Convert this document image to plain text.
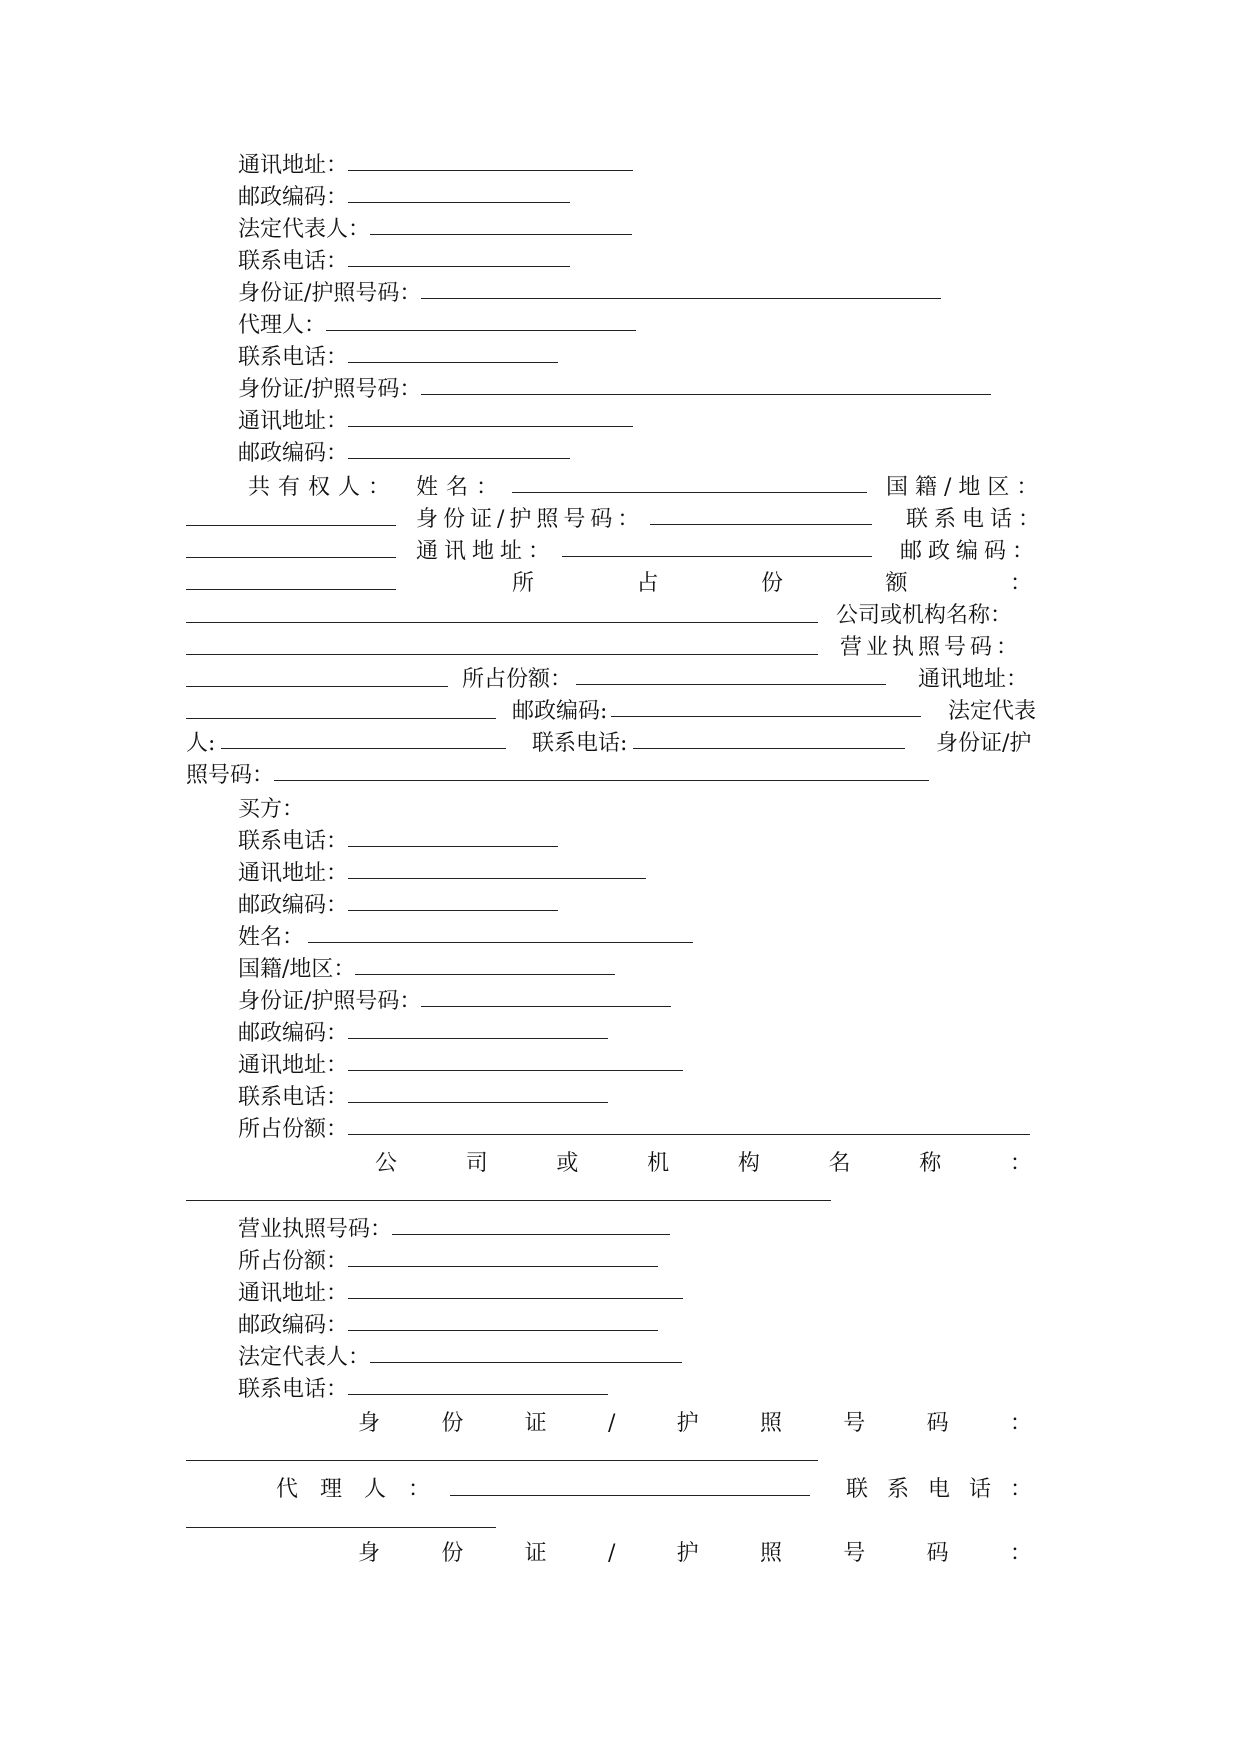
通讯地址：
邮政编码：
法定代表人：
联系电话：
身份证/护照号码：
代理人：
联系电话：
身份证/护照号码：
通讯地址：
邮政编码：
共有权人： 姓名：	国籍/地区：
身份证/护照号码：	联系电话：
通讯地址：	邮政编码：
所	占	份	额	：
公司或机构名称：
营业执照号码：
所占份额：	通讯地址：
邮政编码:	法定代表
人:	联系电话:	身份证/护
照号码：
买方：
联系电话：
通讯地址：
邮政编码：
姓名：
国籍/地区：
身份证/护照号码：
邮政编码：
通讯地址：
联系电话：
所占份额：
公	司	或	机	构	名	称	：
营业执照号码：
所占份额：
通讯地址：
邮政编码：
法定代表人：
联系电话：
身	份	证	/	护	照	号	码	：
代 理 人 ：	联 系 电 话 ：
身	份	证	/	护	照	号	码	：
